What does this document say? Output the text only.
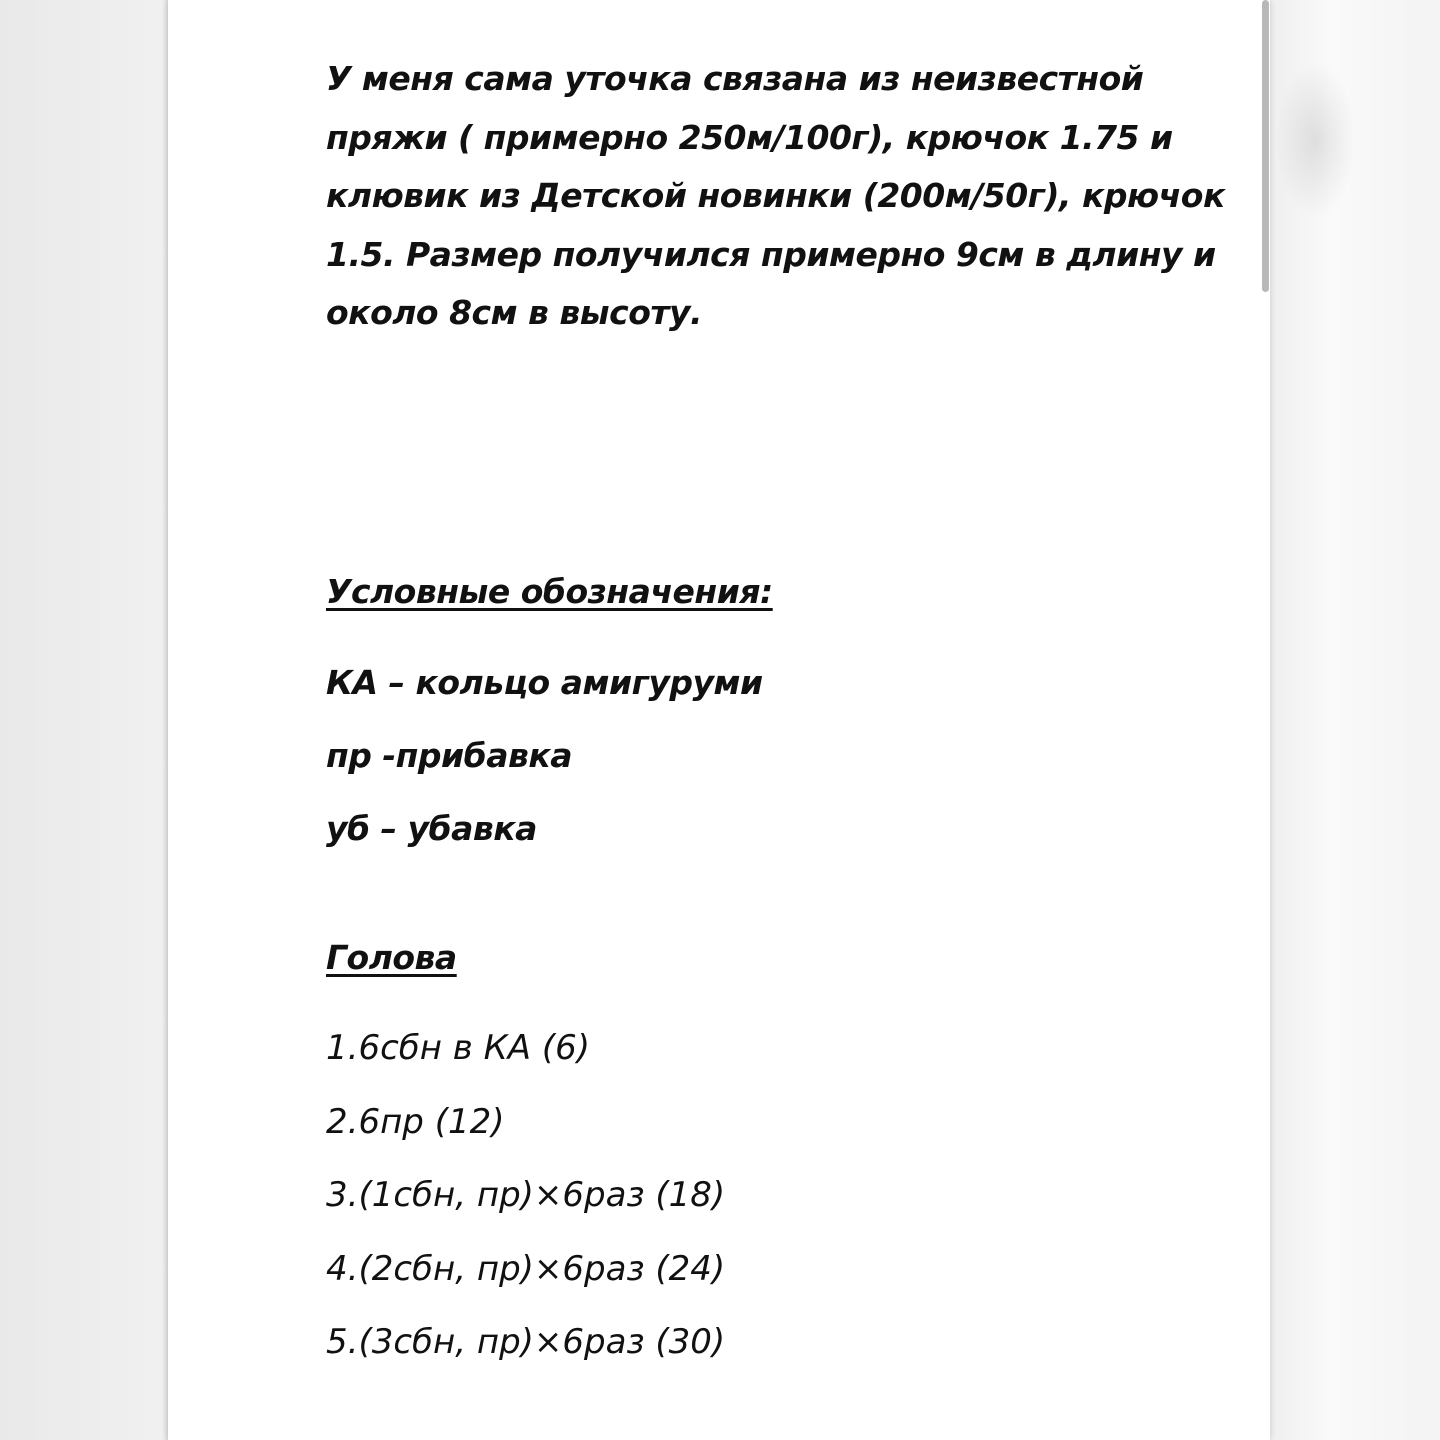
У меня сама уточка связана из неизвестной пряжи ( примерно 250м/100г), крючок 1.75 и клювик из Детской новинки (200м/50г), крючок 1.5. Размер получился примерно 9см в длину и около 8см в высоту.

Условные обозначения:
КА – кольцо амигуруми
пр -прибавка
уб – убавка
Голова
1.6сбн в КА (6)
2.6пр (12)
3.(1сбн, пр)×6раз (18)
4.(2сбн, пр)×6раз (24)
5.(3сбн, пр)×6раз (30)
